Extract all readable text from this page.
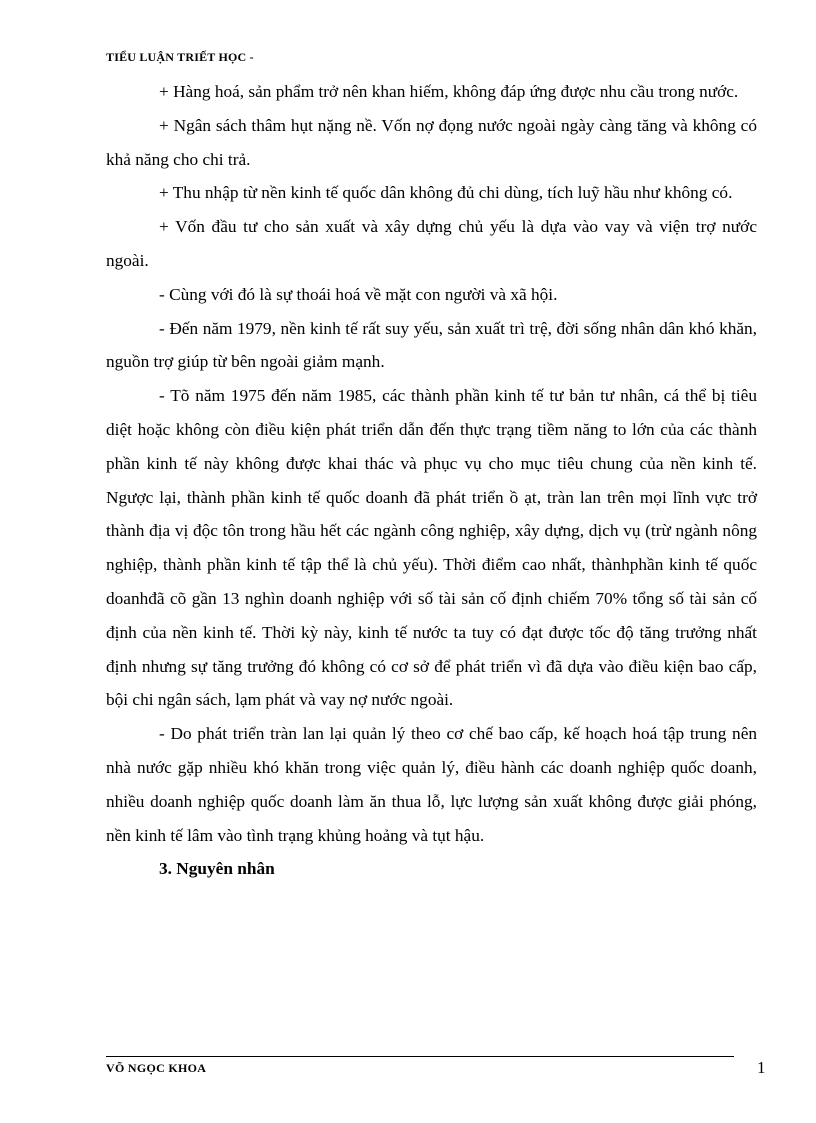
TIỂU LUẬN TRIẾT HỌC -

+ Hàng hoá, sản phẩm trở nên khan hiếm, không đáp ứng được nhu cầu trong nước.

+ Ngân sách thâm hụt nặng nề. Vốn nợ đọng nước ngoài ngày càng tăng và không có khả năng cho chi trả.

+ Thu nhập từ nền kinh tế quốc dân không đủ chi dùng, tích luỹ hầu như không có.

+ Vốn đầu tư cho sản xuất và xây dựng chủ yếu là dựa vào vay và viện trợ nước ngoài.

- Cùng với đó là sự thoái hoá về mặt con người và xã hội.

- Đến năm 1979, nền kinh tế rất suy yếu, sản xuất trì trệ, đời sống nhân dân khó khăn, nguồn trợ giúp từ bên ngoài giảm mạnh.

- Tõ năm 1975 đến năm 1985, các thành phần kinh tế tư bản tư nhân, cá thể bị tiêu diệt hoặc không còn điều kiện phát triển dẫn đến thực trạng tiềm năng to lớn của các thành phần kinh tế này không được khai thác và phục vụ cho mục tiêu chung của nền kinh tế. Ngược lại, thành phần kinh tế quốc doanh đã phát triển ồ ạt, tràn lan trên mọi lĩnh vực trở thành địa vị độc tôn trong hầu hết các ngành công nghiệp, xây dựng, dịch vụ (trừ ngành nông nghiệp, thành phần kinh tế tập thể là chủ yếu). Thời điểm cao nhất, thànhphần kinh tế quốc doanhđã cõ gần 13 nghìn doanh nghiệp với số tài sản cố định chiếm 70% tổng số tài sản cố định của nền kinh tế. Thời kỳ này, kinh tế nước ta tuy có đạt được tốc độ tăng trưởng nhất định nhưng sự tăng trưởng đó không có cơ sở để phát triển vì đã dựa vào điều kiện bao cấp, bội chi ngân sách, lạm phát và vay nợ nước ngoài.

- Do phát triển tràn lan lại quản lý theo cơ chế bao cấp, kế hoạch hoá tập trung nên nhà nước gặp nhiều khó khăn trong việc quản lý, điều hành các doanh nghiệp quốc doanh, nhiều doanh nghiệp quốc doanh làm ăn thua lỗ, lực lượng sản xuất không được giải phóng, nền kinh tế lâm vào tình trạng khủng hoảng và tụt hậu.

3. Nguyên nhân

VÕ NGỌC KHOA	1
